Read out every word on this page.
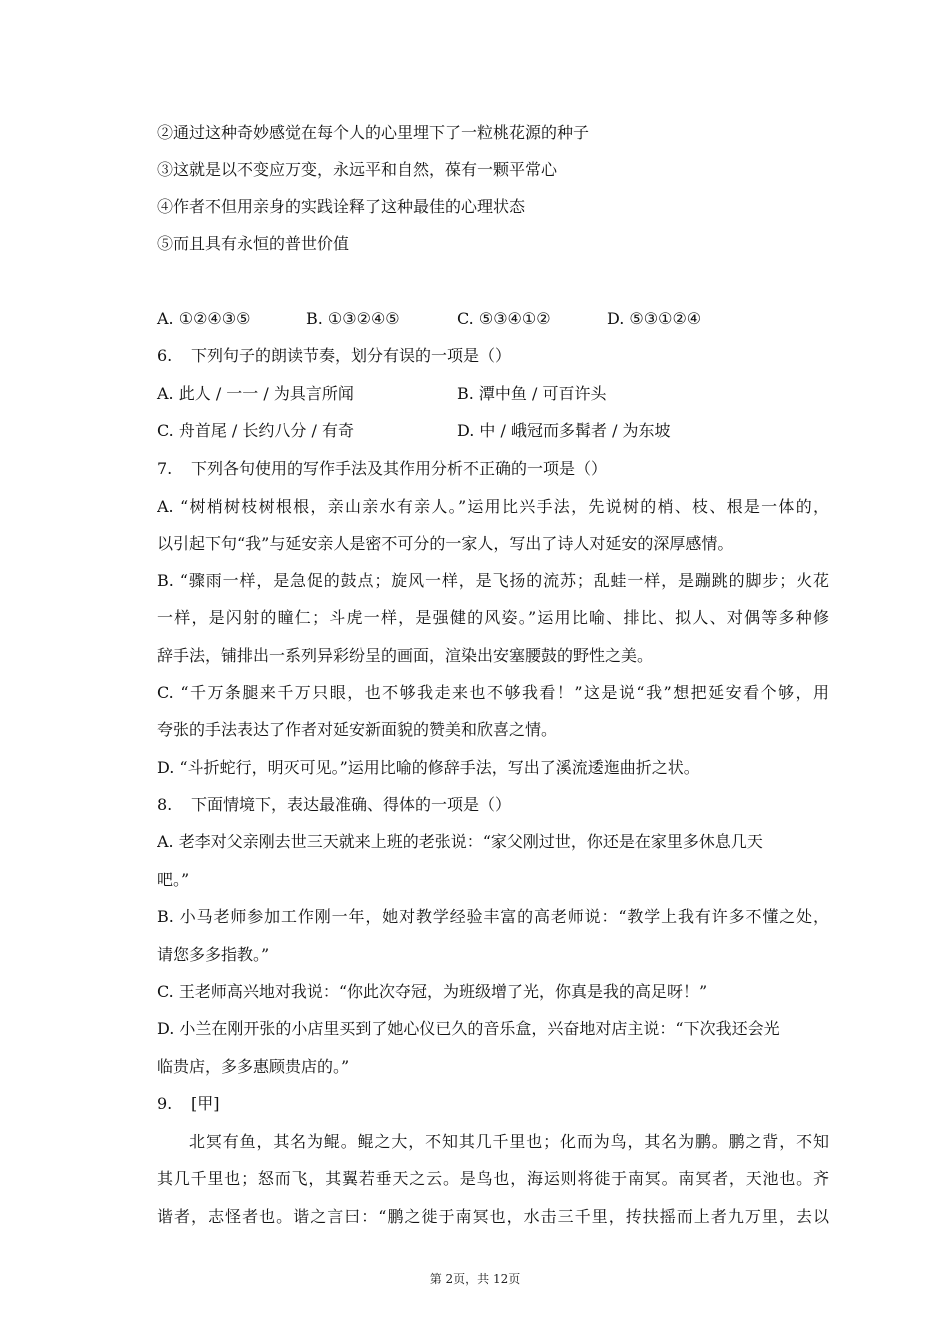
②通过这种奇妙感觉在每个人的心里埋下了一粒桃花源的种子
③这就是以不变应万变，永远平和自然，葆有一颗平常心
④作者不但用亲身的实践诠释了这种最佳的心理状态
⑤而且具有永恒的普世价值
A. ①②④③⑤	B. ①③②④⑤	C. ⑤③④①②	D. ⑤③①②④
6. 下列句子的朗读节奏，划分有误的一项是（）
A. 此人 / 一一 / 为具言所闻	B. 潭中鱼 / 可百许头
C. 舟首尾 / 长约八分 / 有奇	D. 中 / 峨冠而多髯者 / 为东坡
7. 下列各句使用的写作手法及其作用分析不正确的一项是（）
A. “树梢树枝树根根，亲山亲水有亲人。”运用比兴手法，先说树的梢、枝、根是一体的，
以引起下句“我”与延安亲人是密不可分的一家人，写出了诗人对延安的深厚感情。
B. “骤雨一样，是急促的鼓点；旋风一样，是飞扬的流苏；乱蛙一样，是蹦跳的脚步；火花
一样，是闪射的瞳仁；斗虎一样，是强健的风姿。”运用比喻、排比、拟人、对偶等多种修
辞手法，铺排出一系列异彩纷呈的画面，渲染出安塞腰鼓的野性之美。
C. “千万条腿来千万只眼，也不够我走来也不够我看！”这是说“我”想把延安看个够，用
夸张的手法表达了作者对延安新面貌的赞美和欣喜之情。
D. “斗折蛇行，明灭可见。”运用比喻的修辞手法，写出了溪流逶迤曲折之状。
8. 下面情境下，表达最准确、得体的一项是（）
A. 老李对父亲刚去世三天就来上班的老张说：“家父刚过世，你还是在家里多休息几天
吧。”
B. 小马老师参加工作刚一年，她对教学经验丰富的高老师说：“教学上我有许多不懂之处，
请您多多指教。”
C. 王老师高兴地对我说：“你此次夺冠，为班级增了光，你真是我的高足呀！”
D. 小兰在刚开张的小店里买到了她心仪已久的音乐盒，兴奋地对店主说：“下次我还会光
临贵店，多多惠顾贵店的。”
9. [甲]
北冥有鱼，其名为鲲。鲲之大，不知其几千里也；化而为鸟，其名为鹏。鹏之背，不知
其几千里也；怒而飞，其翼若垂天之云。是鸟也，海运则将徙于南冥。南冥者，天池也。齐
谐者，志怪者也。谐之言曰：“鹏之徙于南冥也，水击三千里，抟扶摇而上者九万里，去以
第 2页，共 12页
